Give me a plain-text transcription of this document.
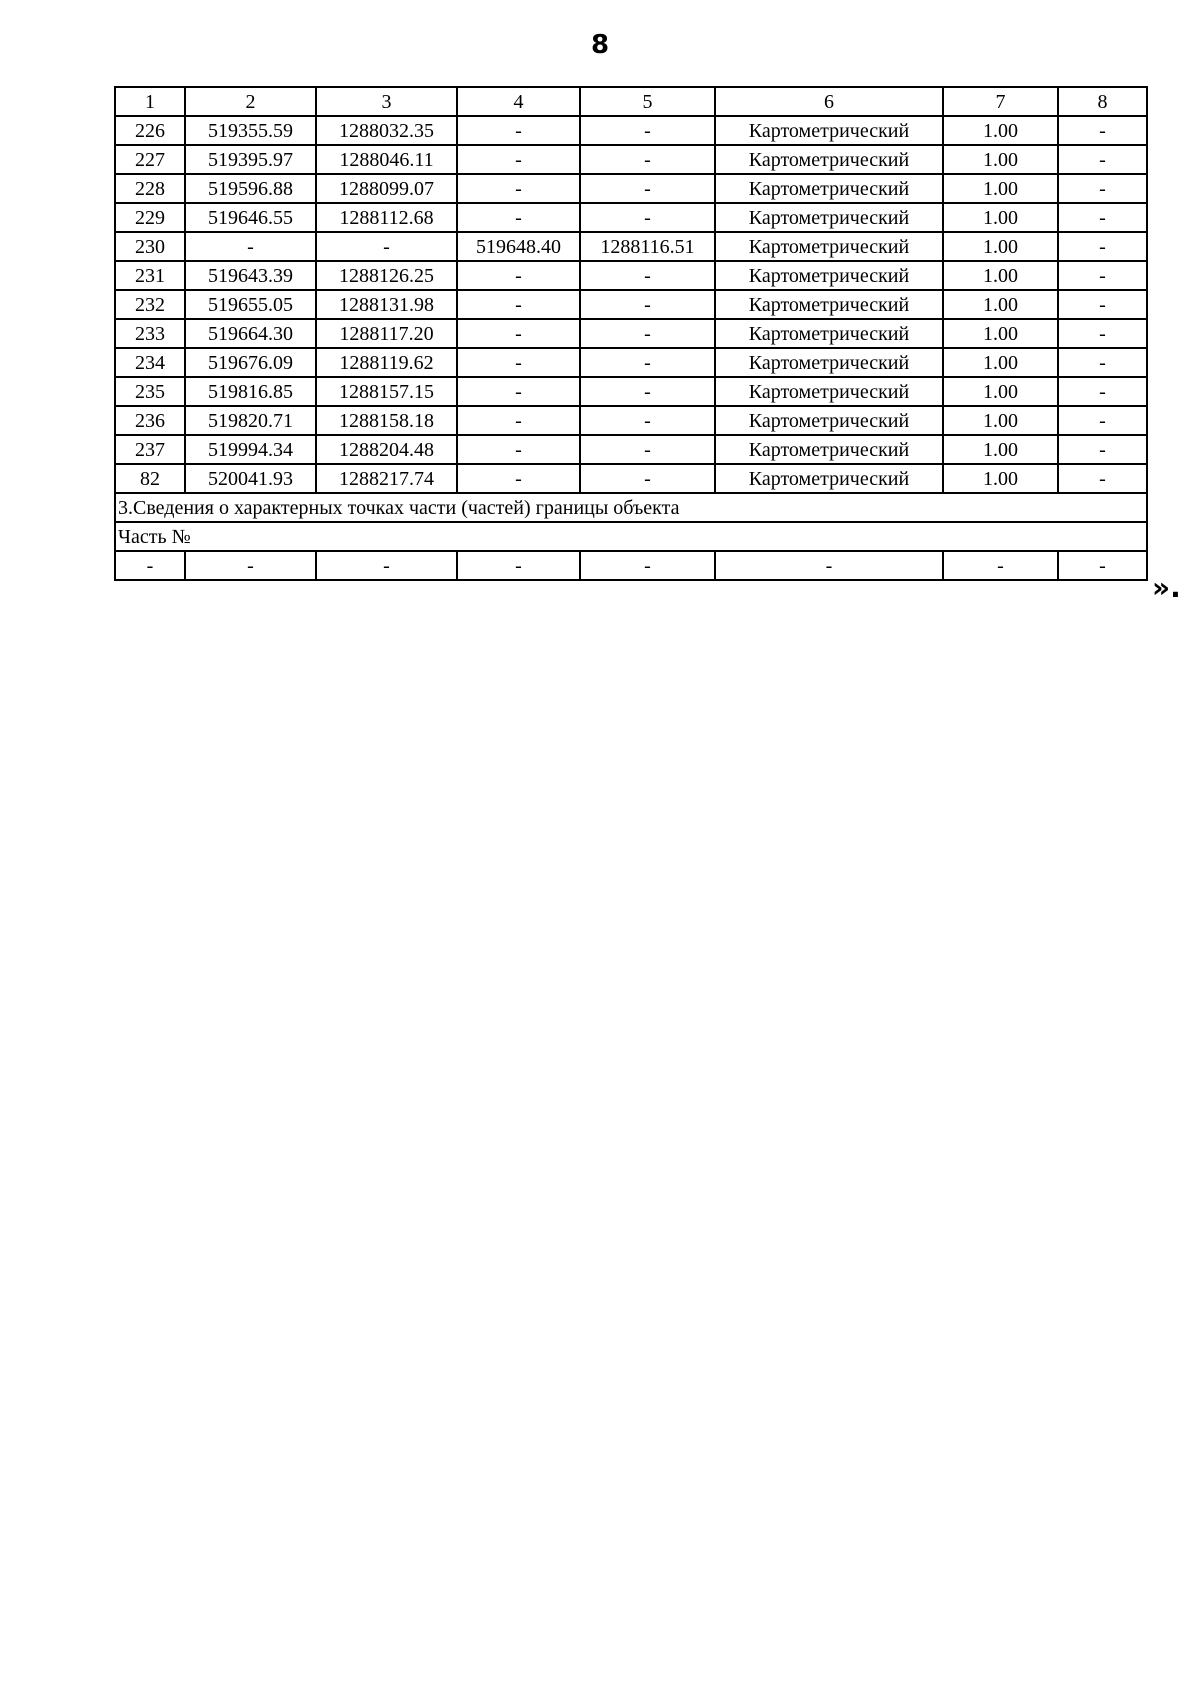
8
1	2	3	4	5	6	7	8
226	519355.59	1288032.35	-	-	Картометрический	1.00	-
227	519395.97	1288046.11	-	-	Картометрический	1.00	-
228	519596.88	1288099.07	-	-	Картометрический	1.00	-
229	519646.55	1288112.68	-	-	Картометрический	1.00	-
230	-	-	519648.40	1288116.51	Картометрический	1.00	-
231	519643.39	1288126.25	-	-	Картометрический	1.00	-
232	519655.05	1288131.98	-	-	Картометрический	1.00	-
233	519664.30	1288117.20	-	-	Картометрический	1.00	-
234	519676.09	1288119.62	-	-	Картометрический	1.00	-
235	519816.85	1288157.15	-	-	Картометрический	1.00	-
236	519820.71	1288158.18	-	-	Картометрический	1.00	-
237	519994.34	1288204.48	-	-	Картометрический	1.00	-
82	520041.93	1288217.74	-	-	Картометрический	1.00	-
3.Сведения о характерных точках части (частей) границы объекта							
Часть №							
-	-	-	-	-	-	-	-
».
